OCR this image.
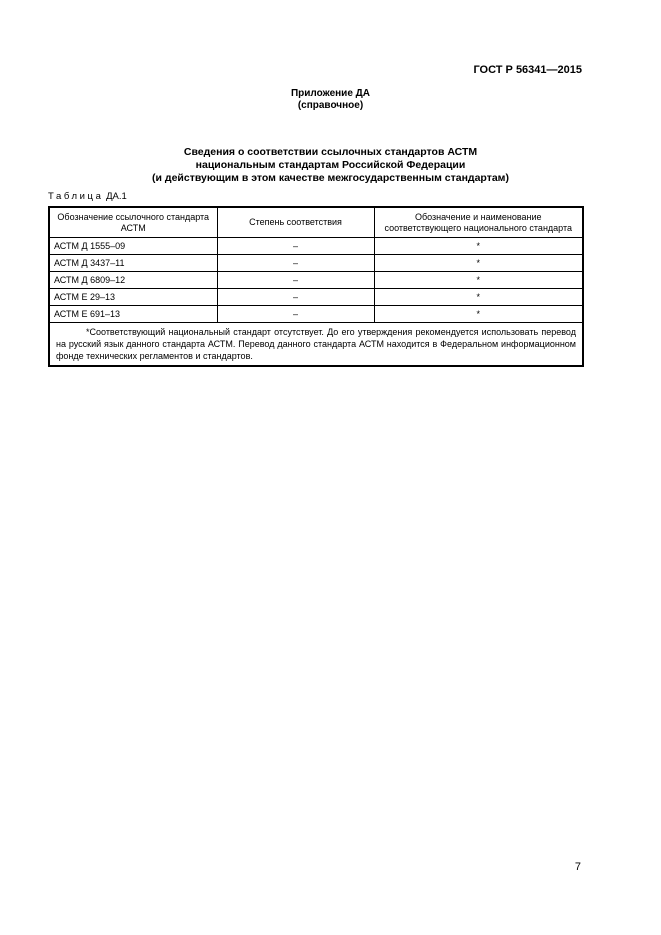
ГОСТ Р 56341—2015
Приложение ДА
(справочное)
Сведения о соответствии ссылочных стандартов АСТМ
национальным стандартам Российской Федерации
(и действующим в этом качестве межгосударственным стандартам)
Таблица ДА.1
Обозначение ссылочного стандарта АСТМ	Степень соответствия	Обозначение и наименование соответствующего национального стандарта
АСТМ Д 1555–09	–	*
АСТМ Д 3437–11	–	*
АСТМ Д 6809–12	–	*
АСТМ Е 29–13	–	*
АСТМ Е 691–13	–	*
*Соответствующий национальный стандарт отсутствует. До его утверждения рекомендуется использовать перевод на русский язык данного стандарта АСТМ. Перевод данного стандарта АСТМ находится в Федеральном информационном фонде технических регламентов и стандартов.		
7
